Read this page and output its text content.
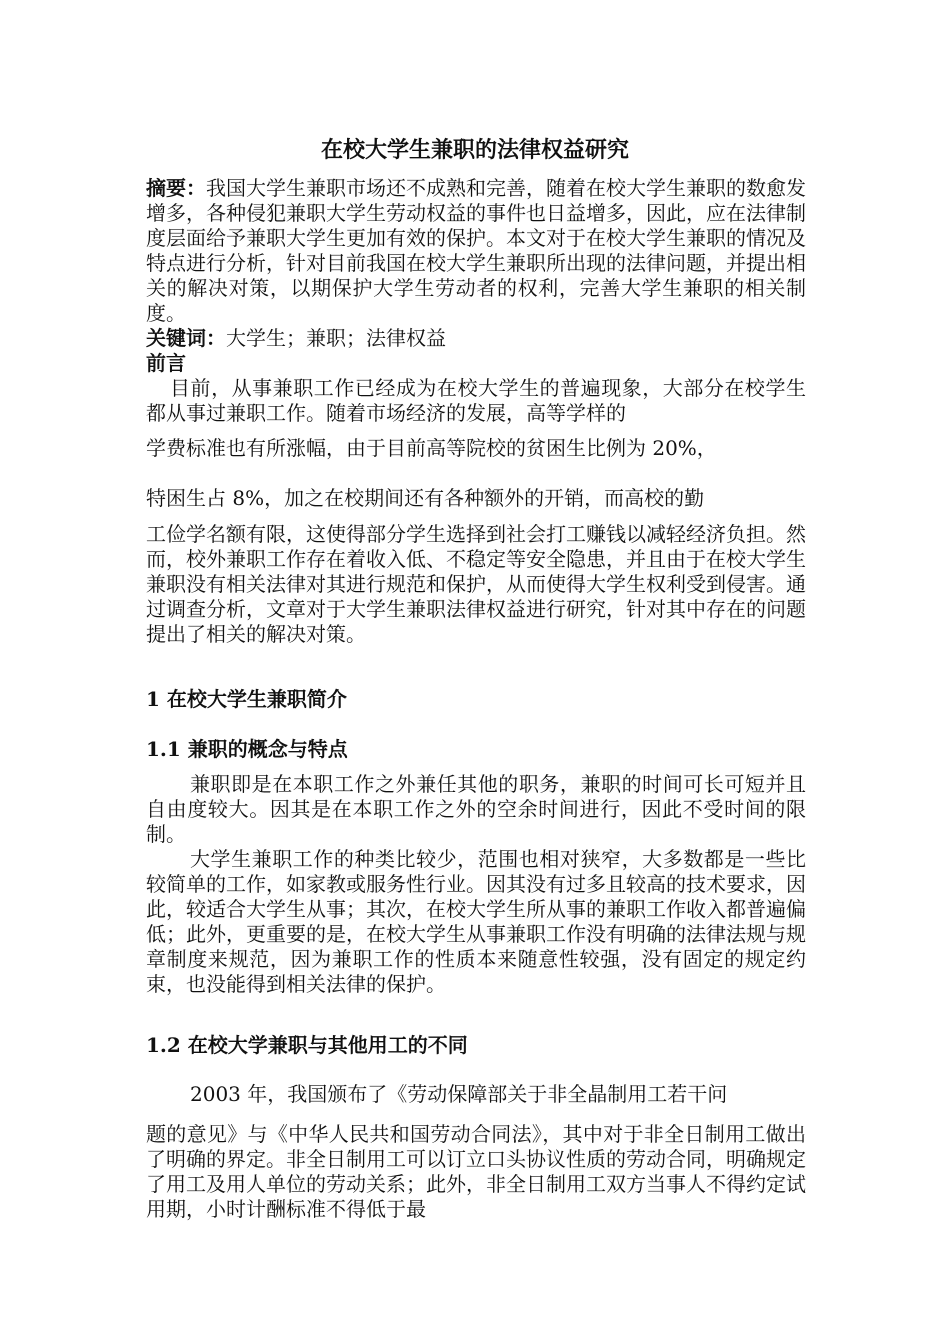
在校大学生兼职的法律权益研究
摘要：我国大学生兼职市场还不成熟和完善，随着在校大学生兼职的数愈发增多，各种侵犯兼职大学生劳动权益的事件也日益增多，因此，应在法律制度层面给予兼职大学生更加有效的保护。本文对于在校大学生兼职的情况及特点进行分析，针对目前我国在校大学生兼职所出现的法律问题，并提出相关的解决对策，以期保护大学生劳动者的权利，完善大学生兼职的相关制度。
关键词：大学生；兼职；法律权益
前言
目前，从事兼职工作已经成为在校大学生的普遍现象，大部分在校学生都从事过兼职工作。随着市场经济的发展，高等学样的
学费标准也有所涨幅，由于目前高等院校的贫困生比例为 20%，
特困生占 8%，加之在校期间还有各种额外的开销，而高校的勤
工俭学名额有限，这使得部分学生选择到社会打工赚钱以减轻经济负担。然而，校外兼职工作存在着收入低、不稳定等安全隐患，并且由于在校大学生兼职没有相关法律对其进行规范和保护，从而使得大学生权利受到侵害。通过调查分析，文章对于大学生兼职法律权益进行研究，针对其中存在的问题提出了相关的解决对策。
1 在校大学生兼职简介
1.1 兼职的概念与特点
兼职即是在本职工作之外兼任其他的职务，兼职的时间可长可短并且自由度较大。因其是在本职工作之外的空余时间进行，因此不受时间的限制。
大学生兼职工作的种类比较少，范围也相对狭窄，大多数都是一些比较简单的工作，如家教或服务性行业。因其没有过多且较高的技术要求，因此，较适合大学生从事；其次，在校大学生所从事的兼职工作收入都普遍偏低；此外，更重要的是，在校大学生从事兼职工作没有明确的法律法规与规章制度来规范，因为兼职工作的性质本来随意性较强，没有固定的规定约束，也没能得到相关法律的保护。
1.2 在校大学兼职与其他用工的不同
2003 年，我国颁布了《劳动保障部关于非全晶制用工若干问
题的意见》与《中华人民共和国劳动合同法》，其中对于非全日制用工做出了明确的界定。非全日制用工可以订立口头协议性质的劳动合同，明确规定了用工及用人单位的劳动关系；此外，非全日制用工双方当事人不得约定试用期，小时计酬标准不得低于最
